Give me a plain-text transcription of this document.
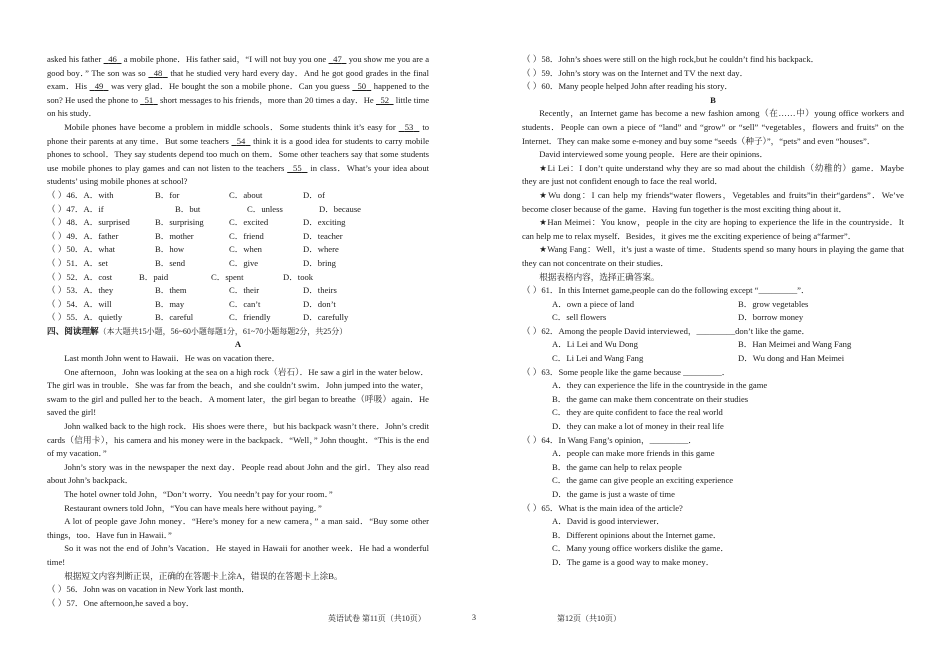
asked his father   46   a mobile phone．His father said，“I will not buy you one   47   you show me you are a good boy．” The son was so   48   that he studied very hard every day．And he got good grades in the final exam．His   49   was very glad．He bought the son a mobile phone．Can you guess   50   happened to the son? He used the phone to   51   short messages to his friends，more than 20 times a day．He   52   little time on his study．

Mobile phones have become a problem in middle schools．Some students think it’s easy for   53   to phone their parents at any time．But some teachers   54   think it is a good idea for students to carry mobile phones to school．They say students depend too much on them．Some other teachers say that some students use mobile phones to play games and can not listen to the teachers   55   in class．What’s your idea about students’ using mobile phones at school?

（ ）46．A．with	B．for	C．about	D．of
（ ）47．A．if	B．but	C．unless	D．because
（ ）48．A．surprised	B．surprising	C．excited	D．exciting
（ ）49．A．father	B．mother	C．friend	D．teacher
（ ）50．A．what	B．how	C．when	D．where
（ ）51．A．set	B．send	C．give	D．bring
（ ）52．A．cost	B．paid	C．spent	D．took
（ ）53．A．they	B．them	C．their	D．theirs
（ ）54．A．will	B．may	C．can’t	D．don’t
（ ）55．A．quietly	B．careful	C．friendly	D．carefully

四、阅读理解（本大题共15小题，56~60小题每题1分，61~70小题每题2分，共25分）

A

Last month John went to Hawaii．He was on vacation there．

One afternoon，John was looking at the sea on a high rock（岩石）．He saw a girl in the water below．The girl was in trouble．She was far from the beach，and she couldn’t swim．John jumped into the water，swam to the girl and pulled her to the beach．A moment later，the girl began to breathe（呼吸）again．He saved the girl!

John walked back to the high rock．His shoes were there，but his backpack wasn’t there．John’s credit cards（信用卡），his camera and his money were in the backpack．“Well，” John thought．“This is the end of my vacation．”

John’s story was in the newspaper the next day．People read about John and the girl．They also read about John’s backpack．

The hotel owner told John，“Don’t worry．You needn’t pay for your room．”

Restaurant owners told John，“You can have meals here without paying．”

A lot of people gave John money．“Here’s money for a new camera，” a man said．“Buy some other things，too．Have fun in Hawaii．”

So it was not the end of John’s Vacation．He stayed in Hawaii for another week．He had a wonderful time!

根据短文内容判断正误，正确的在答题卡上涂A，错误的在答题卡上涂B。

（ ）56．John was on vacation in New York last month．

（ ）57．One afternoon,he saved a boy．

（ ）58．John’s shoes were still on the high rock,but he couldn’t find his backpack．

（ ）59．John’s story was on the Internet and TV the next day．

（ ）60．Many people helped John after reading his story．

B

Recently，an Internet game has become a new fashion among（在……中）young office workers and students．People can own a piece of “land” and “grow” or “sell” “vegetables，flowers and fruits” on the Internet．They can make some e-money and buy some “seeds（种子）”，“pets” and even “houses”．

David interviewed some young people．Here are their opinions．

★Li Lei：I don’t quite understand why they are so mad about the childish（幼稚的）game．Maybe they are just not confident enough to face the real world．

★Wu dong：I can help my friends“water flowers，Vegetables and fruits”in their“gardens”．We’ve become closer because of the game．Having fun together is the most exciting thing about it．

★Han Meimei：You know，people in the city are hoping to experience the life in the countryside．It can help me to relax myself．Besides，it gives me the exciting experience of being a“farmer”．

★Wang Fang：Well，it’s just a waste of time．Students spend so many hours in playing the game that they can not concentrate on their studies．

根据表格内容，选择正确答案。

（ ）61．In this Internet game,people can do the following except “_________”．

A．own a piece of land	B．grow vegetables
C．sell flowers	D．borrow money

（ ）62．Among the people David interviewed，_________don’t like the game．

A．Li Lei and Wu Dong	B．Han Meimei and Wang Fang
C．Li Lei and Wang Fang	D．Wu dong and Han Meimei

（ ）63．Some people like the game because _________．

A．they can experience the life in the countryside in the game

B．the game can make them concentrate on their studies

C．they are quite confident to face the real world

D．they can make a lot of money in their real life

（ ）64．In Wang Fang’s opinion，_________．

A．people can make more friends in this game

B．the game can help to relax people

C．the game can give people an exciting experience

D．the game is just a waste of time

（ ）65．What is the main idea of the article?

A．David is good interviewer．

B．Different opinions about the Internet game．

C．Many young office workers dislike the game．

D．The game is a good way to make money．

英语试卷 第11页（共10页）	3	第12页（共10页）
